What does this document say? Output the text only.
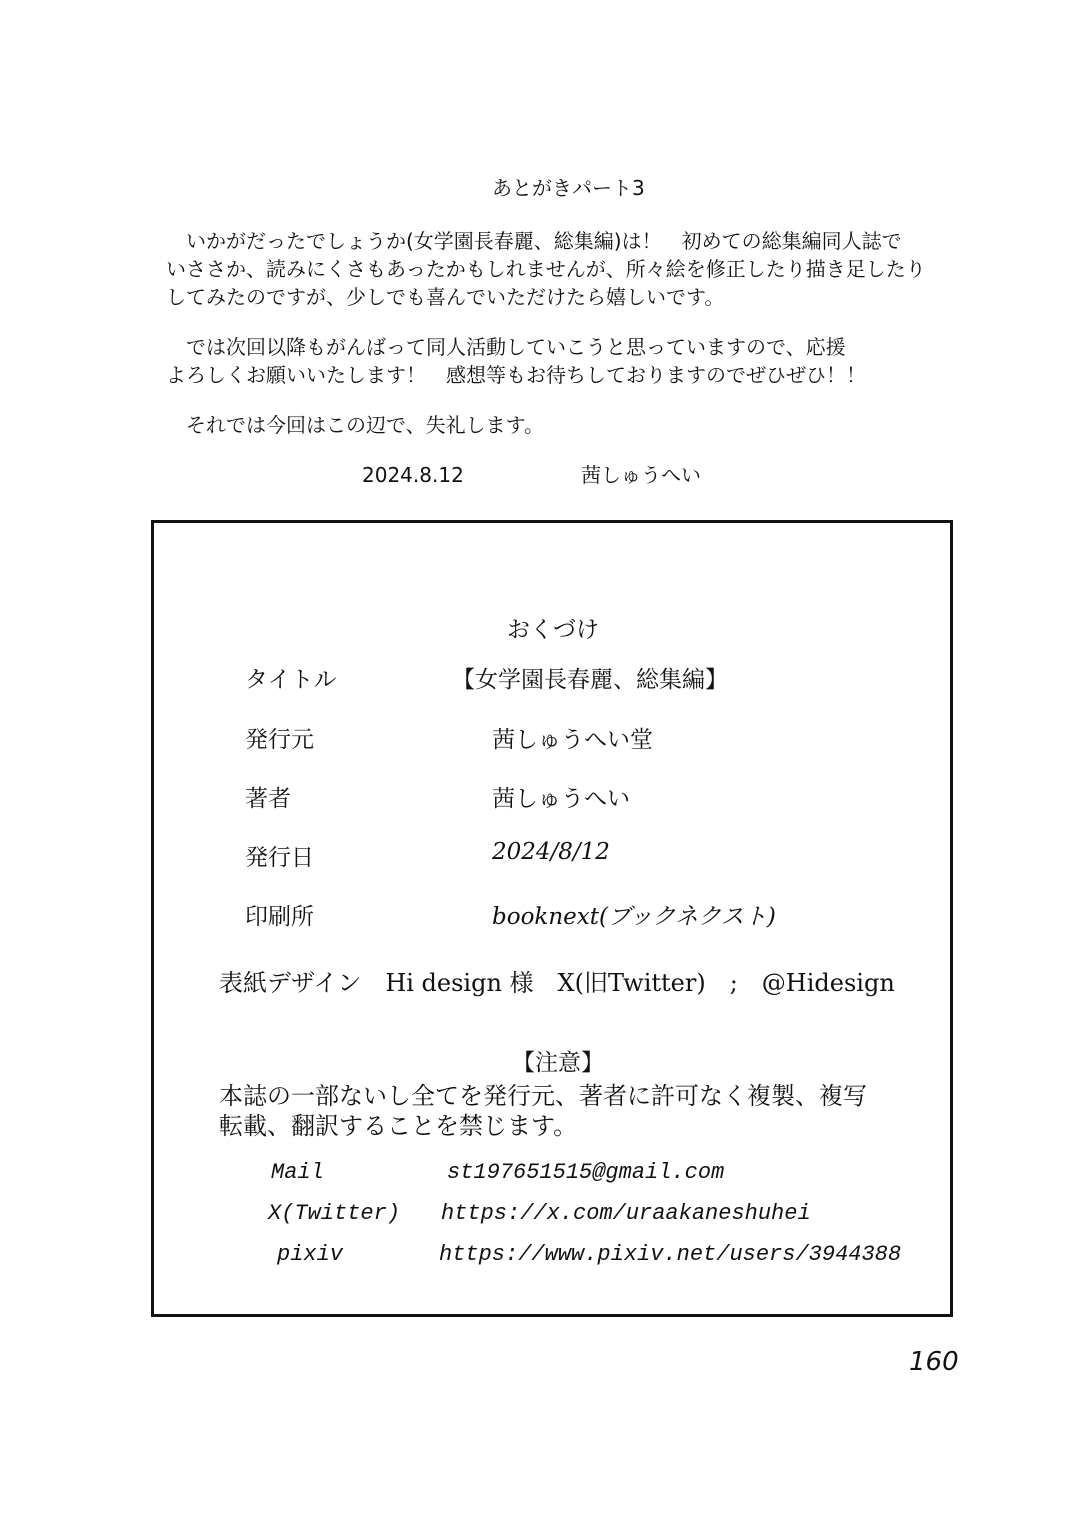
あとがきパート3
　いかがだったでしょうか(女学園長春麗、総集編)は！　初めての総集編同人誌で
いささか、読みにくさもあったかもしれませんが、所々絵を修正したり描き足したり
してみたのですが、少しでも喜んでいただけたら嬉しいです。
　では次回以降もがんばって同人活動していこうと思っていますので、応援
よろしくお願いいたします！　感想等もお待ちしておりますのでぜひぜひ！！
　それでは今回はこの辺で、失礼します。
2024.8.12	茜しゅうへい
おくづけ
タイトル	【女学園長春麗、総集編】
発行元	茜しゅうへい堂
著者	茜しゅうへい
発行日	2024/8/12
印刷所	booknext(ブックネクスト)
表紙デザイン　Hi design 様　X(旧Twitter)　;　@Hidesign
【注意】
本誌の一部ないし全てを発行元、著者に許可なく複製、複写
転載、翻訳することを禁じます。
Mail	st197651515@gmail.com
X(Twitter) https://x.com/uraakaneshuhei
pixiv	https://www.pixiv.net/users/3944388
160
